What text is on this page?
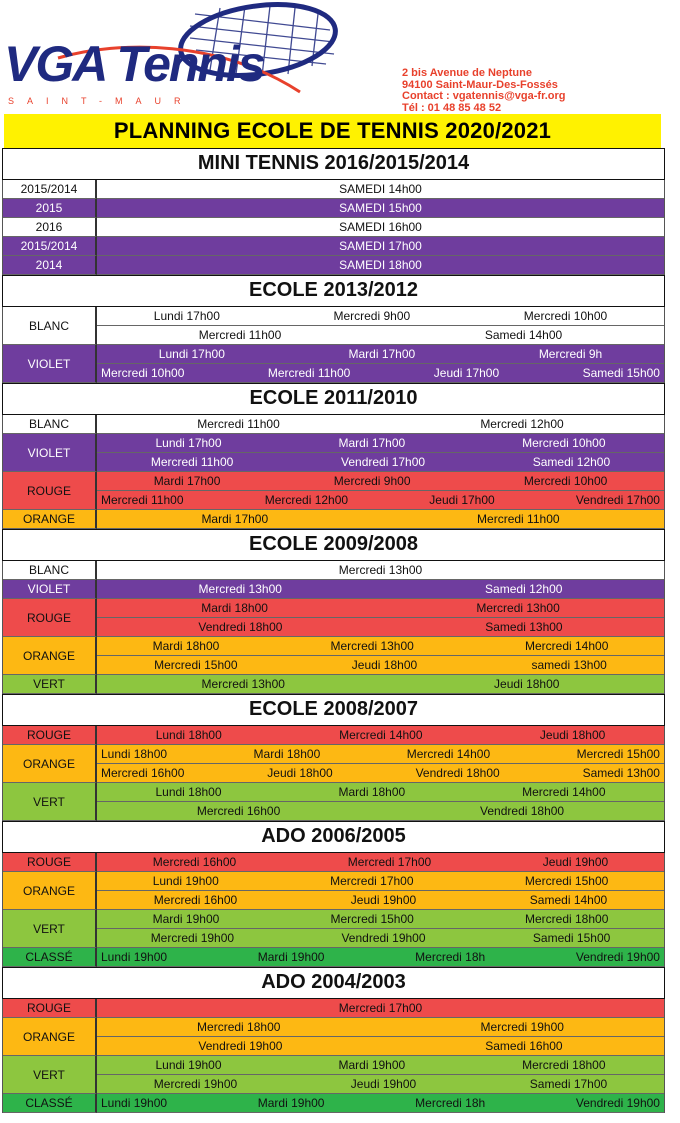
VGA Tennis
SAINT-MAUR
2 bis Avenue de Neptune
94100 Saint-Maur-Des-Fossés
Contact : vgatennis@vga-fr.org
Tél : 01 48 85 48 52
PLANNING ECOLE DE TENNIS 2020/2021
MINI TENNIS 2016/2015/2014
2015/2014	SAMEDI 14h00
2015	SAMEDI 15h00
2016	SAMEDI 16h00
2015/2014	SAMEDI 17h00
2014	SAMEDI 18h00
ECOLE 2013/2012
BLANC
Lundi 17h00	Mercredi 9h00	Mercredi 10h00
Mercredi 11h00	Samedi 14h00
VIOLET
Lundi 17h00	Mardi 17h00	Mercredi 9h
Mercredi 10h00	Mercredi 11h00	Jeudi 17h00	Samedi 15h00
ECOLE 2011/2010
BLANC	Mercredi 11h00	Mercredi 12h00
VIOLET
Lundi 17h00	Mardi 17h00	Mercredi 10h00
Mercredi 11h00	Vendredi 17h00	Samedi 12h00
ROUGE
Mardi 17h00	Mercredi 9h00	Mercredi 10h00
Mercredi 11h00	Mercredi 12h00	Jeudi 17h00	Vendredi 17h00
ORANGE	Mardi 17h00	Mercredi 11h00
ECOLE 2009/2008
BLANC	Mercredi 13h00
VIOLET	Mercredi 13h00	Samedi 12h00
ROUGE
Mardi 18h00	Mercredi 13h00
Vendredi 18h00	Samedi 13h00
ORANGE
Mardi 18h00	Mercredi 13h00	Mercredi 14h00
Mercredi 15h00	Jeudi 18h00	samedi 13h00
VERT	Mercredi 13h00	Jeudi 18h00
ECOLE 2008/2007
ROUGE	Lundi 18h00	Mercredi 14h00	Jeudi 18h00
ORANGE
Lundi 18h00	Mardi 18h00	Mercredi 14h00	Mercredi 15h00
Mercredi 16h00	Jeudi 18h00	Vendredi 18h00	Samedi 13h00
VERT
Lundi 18h00	Mardi 18h00	Mercredi 14h00
Mercredi 16h00	Vendredi 18h00
ADO 2006/2005
ROUGE	Mercredi 16h00	Mercredi 17h00	Jeudi 19h00
ORANGE
Lundi 19h00	Mercredi 17h00	Mercredi 15h00
Mercredi 16h00	Jeudi 19h00	Samedi 14h00
VERT
Mardi 19h00	Mercredi 15h00	Mercredi 18h00
Mercredi 19h00	Vendredi 19h00	Samedi 15h00
CLASSÉ	Lundi 19h00	Mardi 19h00	Mercredi 18h	Vendredi 19h00
ADO 2004/2003
ROUGE	Mercredi 17h00
ORANGE
Mercredi 18h00	Mercredi 19h00
Vendredi 19h00	Samedi 16h00
VERT
Lundi 19h00	Mardi 19h00	Mercredi 18h00
Mercredi 19h00	Jeudi 19h00	Samedi 17h00
CLASSÉ	Lundi 19h00	Mardi 19h00	Mercredi 18h	Vendredi 19h00
